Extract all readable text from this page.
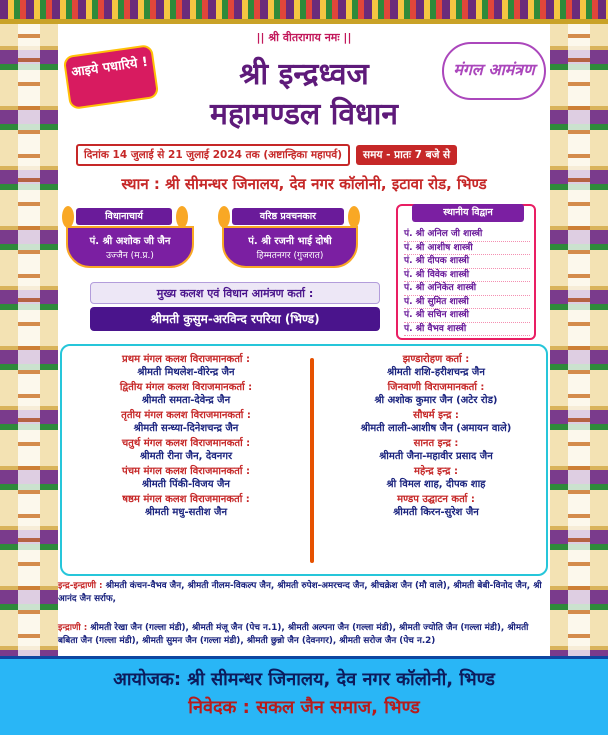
|| श्री वीतरागाय नमः ||
आइये पधारिये !	मंगल आमंत्रण
श्री इन्द्रध्वज
महामण्डल विधान
दिनांक 14 जुलाई से 21 जुलाई 2024 तक (अष्टान्हिका महापर्व)	समय - प्रातः 7 बजे से
स्थान : श्री सीमन्धर जिनालय, देव नगर कॉलोनी, इटावा रोड, भिण्ड
विधानाचार्य
पं. श्री अशोक जी जैन
उज्जैन (म.प्र.)
वरिष्ठ प्रवचनकार
पं. श्री रजनी भाई दोषी
हिम्मतनगर (गुजरात)
स्थानीय विद्वान
पं. श्री अनिल जी शास्त्री
पं. श्री आशीष शास्त्री
पं. श्री दीपक शास्त्री
पं. श्री विवेक शास्त्री
पं. श्री अनिकेत शास्त्री
पं. श्री सुमित शास्त्री
पं. श्री सचिन शास्त्री
पं. श्री वैभव शास्त्री
मुख्य कलश एवं विधान आमंत्रण कर्ता :
श्रीमती कुसुम-अरविन्द रपरिया (भिण्ड)
प्रथम मंगल कलश विराजमानकर्ता :
श्रीमती मिथलेश-वीरेन्द्र जैन
द्वितीय मंगल कलश विराजमानकर्ता :
श्रीमती समता-देवेन्द्र जैन
तृतीय मंगल कलश विराजमानकर्ता :
श्रीमती सन्ध्या-दिनेशचन्द्र जैन
चतुर्थ मंगल कलश विराजमानकर्ता :
श्रीमती रीना जैन, देवनगर
पंचम मंगल कलश विराजमानकर्ता :
श्रीमती पिंकी-विजय जैन
षष्ठम मंगल कलश विराजमानकर्ता :
श्रीमती मधु-सतीश जैन
झण्डारोहण कर्ता :
श्रीमती शशि-हरीशचन्द्र जैन
जिनवाणी विराजमानकर्ता :
श्री अशोक कुमार जैन (अटेर रोड)
सौधर्म इन्द्र :
श्रीमती लाली-आशीष जैन (अमायन वाले)
सानत इन्द्र :
श्रीमती जैना-महावीर प्रसाद जैन
महेन्द्र इन्द्र :
श्री विमल शाह, दीपक शाह
मण्डप उद्घाटन कर्ता :
श्रीमती किरन-सुरेश जैन
इन्द्र-इन्द्राणी : श्रीमती कंचन-वैभव जैन, श्रीमती नीलम-विकल्प जैन, श्रीमती रुपेश-अमरचन्द जैन, श्रीचक्रेश जैन (मौ वाले), श्रीमती बेबी-विनोद जैन, श्री आनंद जैन सर्राफ,
इन्द्राणी : श्रीमती रेखा जैन (गल्ला मंडी), श्रीमती मंजू जैन (पेच न.1), श्रीमती अल्पना जैन (गल्ला मंडी), श्रीमती ज्योति जैन (गल्ला मंडी), श्रीमती बबिता जैन (गल्ला मंडी), श्रीमती सुमन जैन (गल्ला मंडी), श्रीमती छुन्नो जैन (देवनगर), श्रीमती सरोज जैन (पेच न.2)
आयोजक: श्री सीमन्धर जिनालय, देव नगर कॉलोनी, भिण्ड
निवेदक : सकल जैन समाज, भिण्ड
